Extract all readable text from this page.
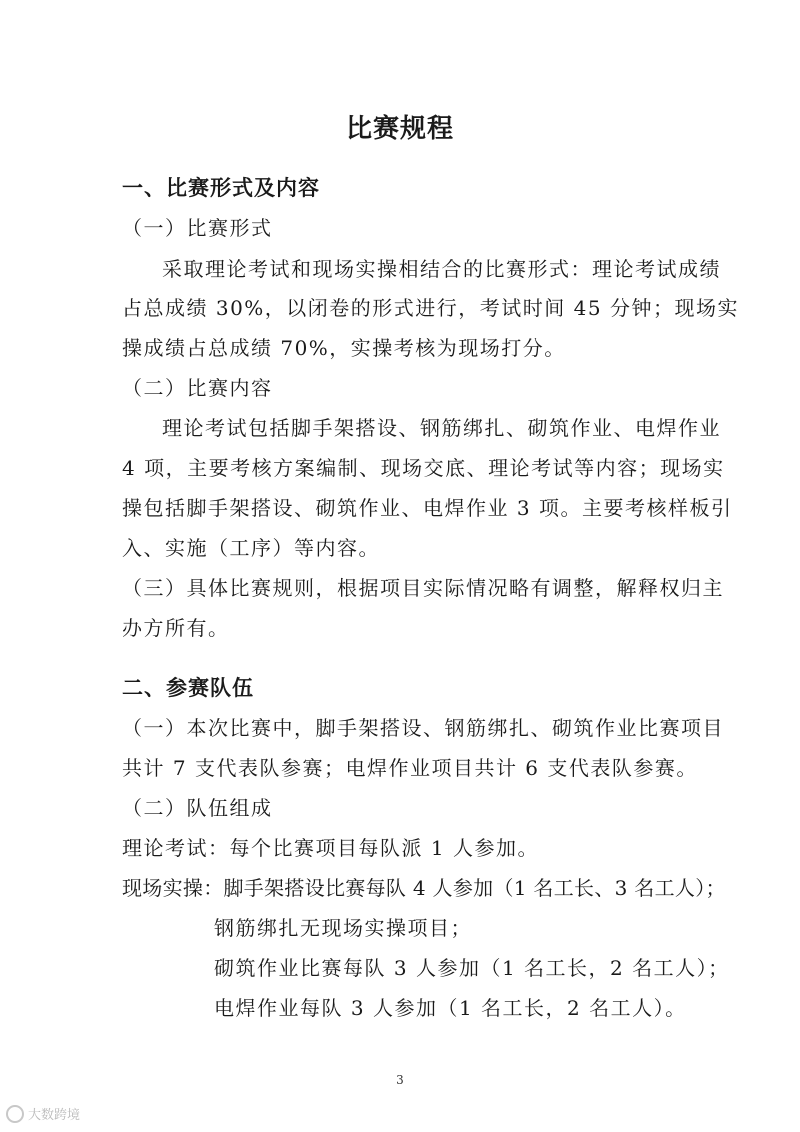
比赛规程
一、比赛形式及内容
（一）比赛形式
采取理论考试和现场实操相结合的比赛形式：理论考试成绩
占总成绩 30%，以闭卷的形式进行，考试时间 45 分钟；现场实
操成绩占总成绩 70%，实操考核为现场打分。
（二）比赛内容
理论考试包括脚手架搭设、钢筋绑扎、砌筑作业、电焊作业
4 项，主要考核方案编制、现场交底、理论考试等内容；现场实
操包括脚手架搭设、砌筑作业、电焊作业 3 项。主要考核样板引
入、实施（工序）等内容。
（三）具体比赛规则，根据项目实际情况略有调整，解释权归主
办方所有。
二、参赛队伍
（一）本次比赛中，脚手架搭设、钢筋绑扎、砌筑作业比赛项目
共计 7 支代表队参赛；电焊作业项目共计 6 支代表队参赛。
（二）队伍组成
理论考试：每个比赛项目每队派 1 人参加。
现场实操：脚手架搭设比赛每队 4 人参加（1 名工长、3 名工人）；
钢筋绑扎无现场实操项目；
砌筑作业比赛每队 3 人参加（1 名工长，2 名工人）；
电焊作业每队 3 人参加（1 名工长，2 名工人）。
3
大数跨境
